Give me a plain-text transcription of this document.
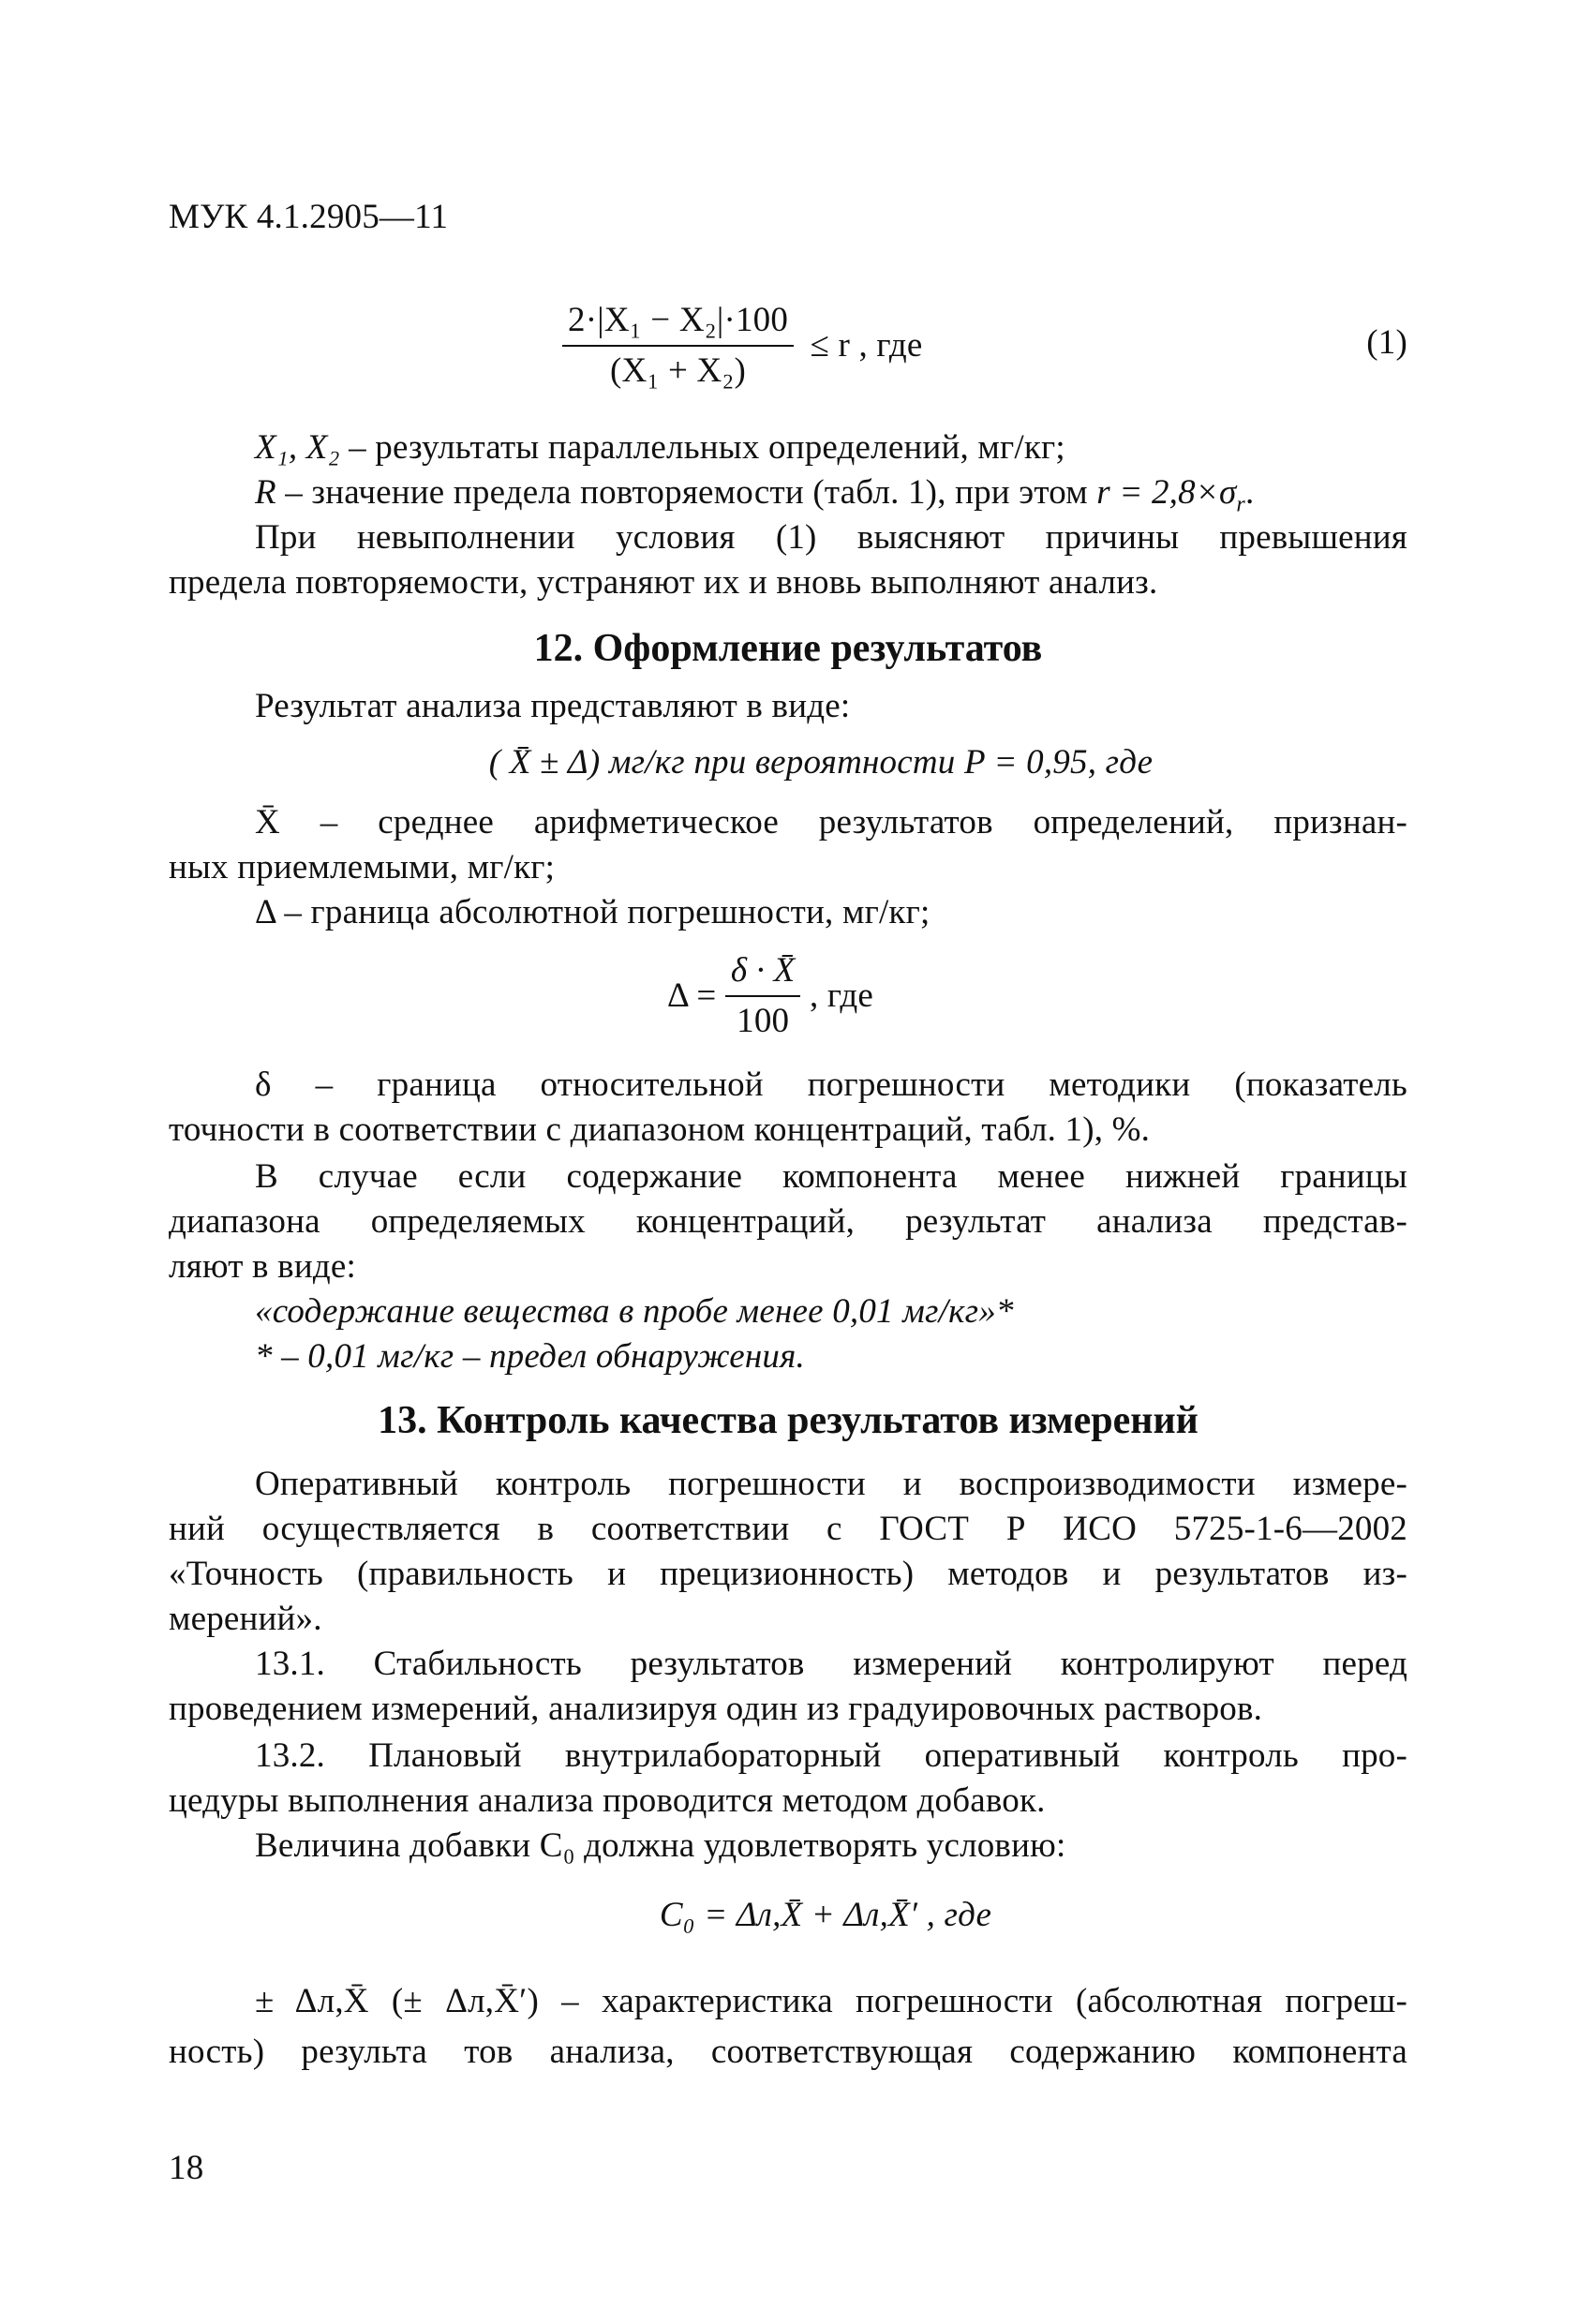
МУК 4.1.2905—11
$\frac{\text{2·|X₁ − X₂|·100}}{\text{(X₁ + X₂)}} \le r$ , где	(1)
X₁, X₂ – результаты параллельных определений, мг/кг;
R – значение предела повторяемости (табл. 1), при этом $r = 2,8\times\sigma_r$.
При невыполнении условия (1) выясняют причины превышения
предела повторяемости, устраняют их и вновь выполняют анализ.
12. Оформление результатов
Результат анализа представляют в виде:
( X̄ ± Δ) мг/кг при вероятности P = 0,95, где
X̄ – среднее арифметическое результатов определений, признан-
ных приемлемыми, мг/кг;
Δ – граница абсолютной погрешности, мг/кг;
$\Delta = \frac{\delta \cdot X̄}{100}$ , где
δ – граница относительной погрешности методики (показатель
точности в соответствии с диапазоном концентраций, табл. 1), %.
В случае если содержание компонента менее нижней границы
диапазона определяемых концентраций, результат анализа представ-
ляют в виде:
«содержание вещества в пробе менее 0,01 мг/кг»*
* – 0,01 мг/кг – предел обнаружения.
13. Контроль качества результатов измерений
Оперативный контроль погрешности и воспроизводимости измере-
ний осуществляется в соответствии с ГОСТ Р ИСО 5725-1-6—2002
«Точность (правильность и прецизионность) методов и результатов из-
мерений».
13.1. Стабильность результатов измерений контролируют перед
проведением измерений, анализируя один из градуировочных растворов.
13.2. Плановый внутрилабораторный оперативный контроль про-
цедуры выполнения анализа проводится методом добавок.
Величина добавки C₀ должна удовлетворять условию:
C₀ = Δл,X̄ + Δл,X̄′ , где
± Δл,X̄ (± Δл,X̄′) – характеристика погрешности (абсолютная погреш-
ность) результа тов анализа, соответствующая содержанию компонента
18
